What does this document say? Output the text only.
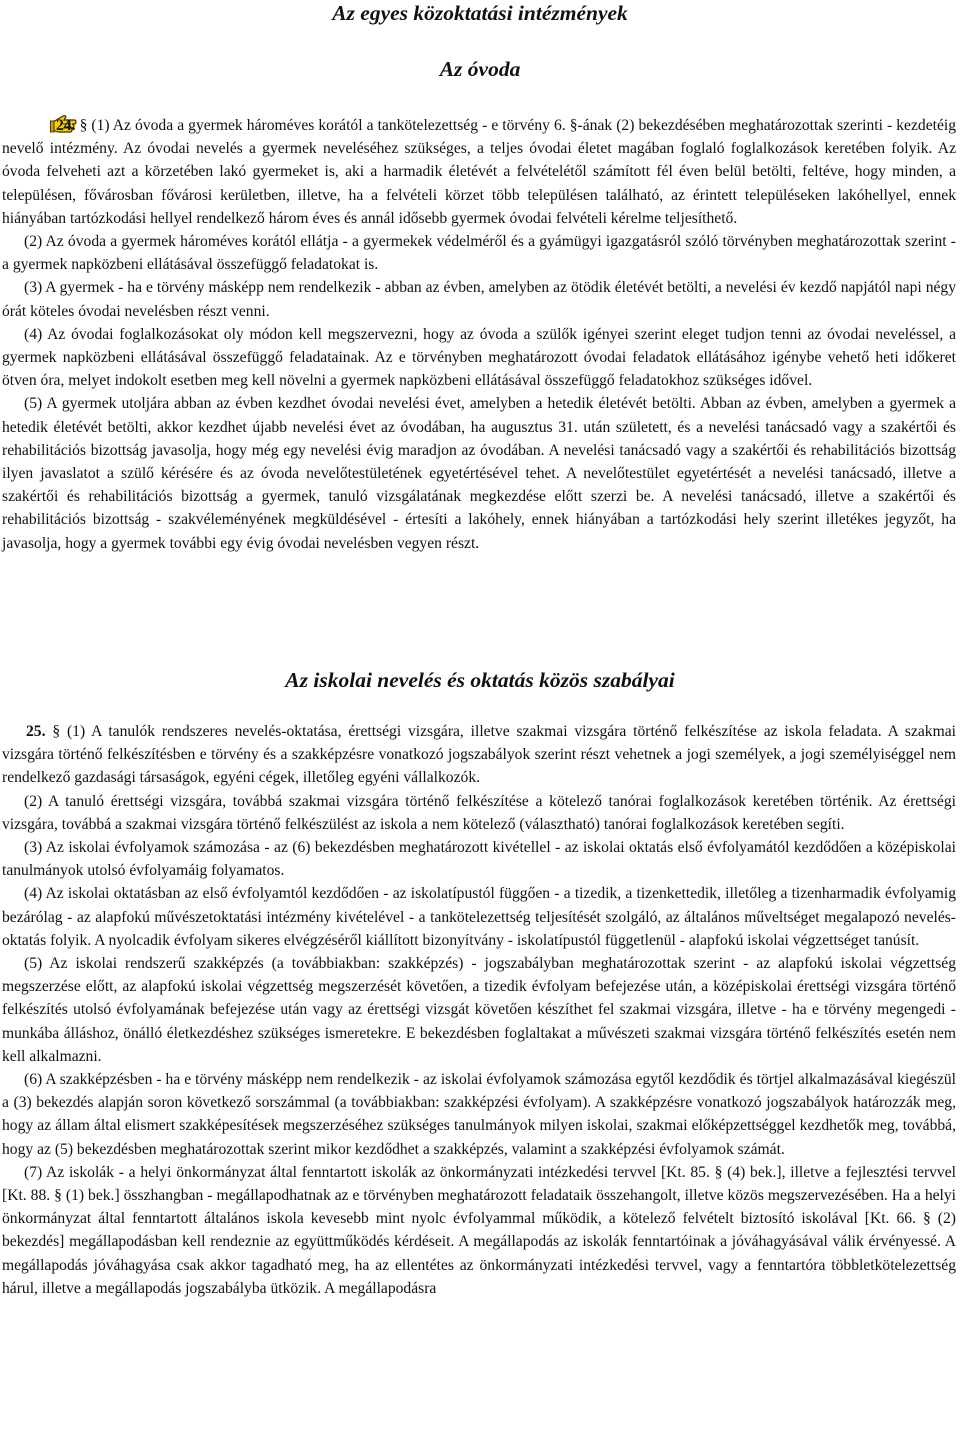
Az egyes közoktatási intézmények
Az óvoda

24. § (1) Az óvoda a gyermek hároméves korától a tankötelezettség - e törvény 6. §-ának (2) bekezdésében meghatározottak szerinti - kezdetéig nevelő intézmény. Az óvodai nevelés a gyermek neveléséhez szükséges, a teljes óvodai életet magában foglaló foglalkozások keretében folyik. Az óvoda felveheti azt a körzetében lakó gyermeket is, aki a harmadik életévét a felvételétől számított fél éven belül betölti, feltéve, hogy minden, a településen, fővárosban fővárosi kerületben, illetve, ha a felvételi körzet több településen található, az érintett településeken lakóhellyel, ennek hiányában tartózkodási hellyel rendelkező három éves és annál idősebb gyermek óvodai felvételi kérelme teljesíthető.

(2) Az óvoda a gyermek hároméves korától ellátja - a gyermekek védelméről és a gyámügyi igazgatásról szóló törvényben meghatározottak szerint - a gyermek napközbeni ellátásával összefüggő feladatokat is.

(3) A gyermek - ha e törvény másképp nem rendelkezik - abban az évben, amelyben az ötödik életévét betölti, a nevelési év kezdő napjától napi négy órát köteles óvodai nevelésben részt venni.

(4) Az óvodai foglalkozásokat oly módon kell megszervezni, hogy az óvoda a szülők igényei szerint eleget tudjon tenni az óvodai neveléssel, a gyermek napközbeni ellátásával összefüggő feladatainak. Az e törvényben meghatározott óvodai feladatok ellátásához igénybe vehető heti időkeret ötven óra, melyet indokolt esetben meg kell növelni a gyermek napközbeni ellátásával összefüggő feladatokhoz szükséges idővel.

(5) A gyermek utoljára abban az évben kezdhet óvodai nevelési évet, amelyben a hetedik életévét betölti. Abban az évben, amelyben a gyermek a hetedik életévét betölti, akkor kezdhet újabb nevelési évet az óvodában, ha augusztus 31. után született, és a nevelési tanácsadó vagy a szakértői és rehabilitációs bizottság javasolja, hogy még egy nevelési évig maradjon az óvodában. A nevelési tanácsadó vagy a szakértői és rehabilitációs bizottság ilyen javaslatot a szülő kérésére és az óvoda nevelőtestületének egyetértésével tehet. A nevelőtestület egyetértését a nevelési tanácsadó, illetve a szakértői és rehabilitációs bizottság a gyermek, tanuló vizsgálatának megkezdése előtt szerzi be. A nevelési tanácsadó, illetve a szakértői és rehabilitációs bizottság - szakvéleményének megküldésével - értesíti a lakóhely, ennek hiányában a tartózkodási hely szerint illetékes jegyzőt, ha javasolja, hogy a gyermek további egy évig óvodai nevelésben vegyen részt.

Az iskolai nevelés és oktatás közös szabályai

25. § (1) A tanulók rendszeres nevelés-oktatása, érettségi vizsgára, illetve szakmai vizsgára történő felkészítése az iskola feladata. A szakmai vizsgára történő felkészítésben e törvény és a szakképzésre vonatkozó jogszabályok szerint részt vehetnek a jogi személyek, a jogi személyiséggel nem rendelkező gazdasági társaságok, egyéni cégek, illetőleg egyéni vállalkozók.

(2) A tanuló érettségi vizsgára, továbbá szakmai vizsgára történő felkészítése a kötelező tanórai foglalkozások keretében történik. Az érettségi vizsgára, továbbá a szakmai vizsgára történő felkészülést az iskola a nem kötelező (választható) tanórai foglalkozások keretében segíti.

(3) Az iskolai évfolyamok számozása - az (6) bekezdésben meghatározott kivétellel - az iskolai oktatás első évfolyamától kezdődően a középiskolai tanulmányok utolsó évfolyamáig folyamatos.

(4) Az iskolai oktatásban az első évfolyamtól kezdődően - az iskolatípustól függően - a tizedik, a tizenkettedik, illetőleg a tizenharmadik évfolyamig bezárólag - az alapfokú művészetoktatási intézmény kivételével - a tankötelezettség teljesítését szolgáló, az általános műveltséget megalapozó nevelés-oktatás folyik. A nyolcadik évfolyam sikeres elvégzéséről kiállított bizonyítvány - iskolatípustól függetlenül - alapfokú iskolai végzettséget tanúsít.

(5) Az iskolai rendszerű szakképzés (a továbbiakban: szakképzés) - jogszabályban meghatározottak szerint - az alapfokú iskolai végzettség megszerzése előtt, az alapfokú iskolai végzettség megszerzését követően, a tizedik évfolyam befejezése után, a középiskolai érettségi vizsgára történő felkészítés utolsó évfolyamának befejezése után vagy az érettségi vizsgát követően készíthet fel szakmai vizsgára, illetve - ha e törvény megengedi - munkába álláshoz, önálló életkezdéshez szükséges ismeretekre. E bekezdésben foglaltakat a művészeti szakmai vizsgára történő felkészítés esetén nem kell alkalmazni.

(6) A szakképzésben - ha e törvény másképp nem rendelkezik - az iskolai évfolyamok számozása egytől kezdődik és törtjel alkalmazásával kiegészül a (3) bekezdés alapján soron következő sorszámmal (a továbbiakban: szakképzési évfolyam). A szakképzésre vonatkozó jogszabályok határozzák meg, hogy az állam által elismert szakképesítések megszerzéséhez szükséges tanulmányok milyen iskolai, szakmai előképzettséggel kezdhetők meg, továbbá, hogy az (5) bekezdésben meghatározottak szerint mikor kezdődhet a szakképzés, valamint a szakképzési évfolyamok számát.

(7) Az iskolák - a helyi önkormányzat által fenntartott iskolák az önkormányzati intézkedési tervvel [Kt. 85. § (4) bek.], illetve a fejlesztési tervvel [Kt. 88. § (1) bek.] összhangban - megállapodhatnak az e törvényben meghatározott feladataik összehangolt, illetve közös megszervezésében. Ha a helyi önkormányzat által fenntartott általános iskola kevesebb mint nyolc évfolyammal működik, a kötelező felvételt biztosító iskolával [Kt. 66. § (2) bekezdés] megállapodásban kell rendeznie az együttműködés kérdéseit. A megállapodás az iskolák fenntartóinak a jóváhagyásával válik érvényessé. A megállapodás jóváhagyása csak akkor tagadható meg, ha az ellentétes az önkormányzati intézkedési tervvel, vagy a fenntartóra többletkötelezettség hárul, illetve a megállapodás jogszabályba ütközik. A megállapodásra
